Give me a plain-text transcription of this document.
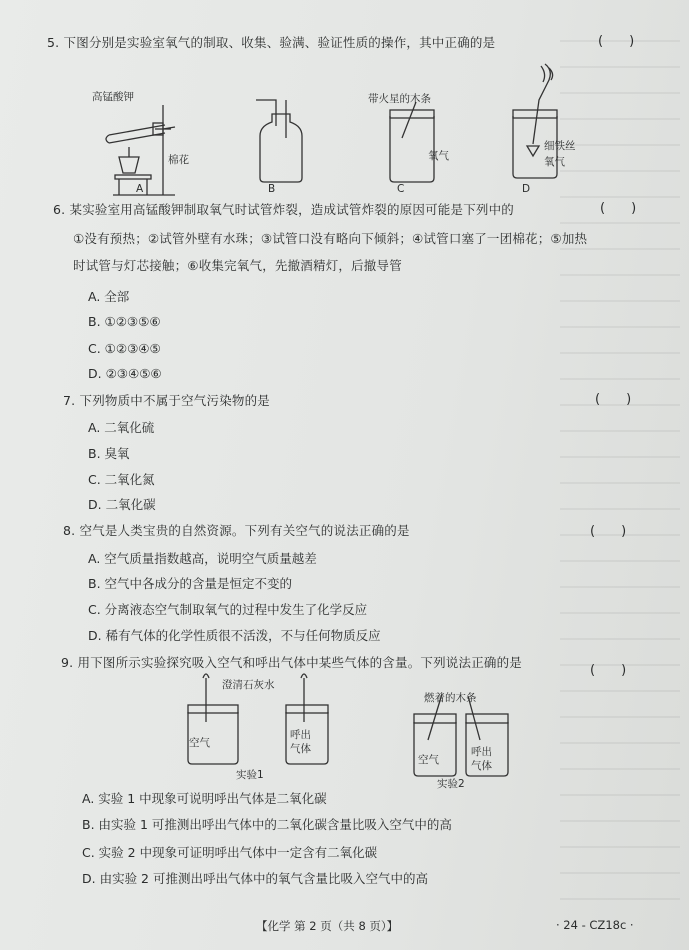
5. 下图分别是实验室氧气的制取、收集、验满、验证性质的操作，其中正确的是	(　　)
高锰酸钾
棉花
A	B
带火星的木条
氧气
C
细铁丝
氧气
D
6. 某实验室用高锰酸钾制取氧气时试管炸裂，造成试管炸裂的原因可能是下列中的	(　　)
①没有预热；②试管外壁有水珠；③试管口没有略向下倾斜；④试管口塞了一团棉花；⑤加热
时试管与灯芯接触；⑥收集完氧气，先撤酒精灯，后撤导管
A. 全部
B. ①②③⑤⑥
C. ①②③④⑤
D. ②③④⑤⑥
7. 下列物质中不属于空气污染物的是	(　　)
A. 二氧化硫
B. 臭氧
C. 二氧化氮
D. 二氧化碳
8. 空气是人类宝贵的自然资源。下列有关空气的说法正确的是	(　　)
A. 空气质量指数越高，说明空气质量越差
B. 空气中各成分的含量是恒定不变的
C. 分离液态空气制取氧气的过程中发生了化学反应
D. 稀有气体的化学性质很不活泼，不与任何物质反应
9. 用下图所示实验探究吸入空气和呼出气体中某些气体的含量。下列说法正确的是
(　　)
澄清石灰水
空气
呼出
气体
实验1
燃着的木条
空气
呼出
气体
实验2
A. 实验 1 中现象可说明呼出气体是二氧化碳
B. 由实验 1 可推测出呼出气体中的二氧化碳含量比吸入空气中的高
C. 实验 2 中现象可证明呼出气体中一定含有二氧化碳
D. 由实验 2 可推测出呼出气体中的氧气含量比吸入空气中的高
【化学 第 2 页（共 8 页）】	· 24 - CZ18c ·
